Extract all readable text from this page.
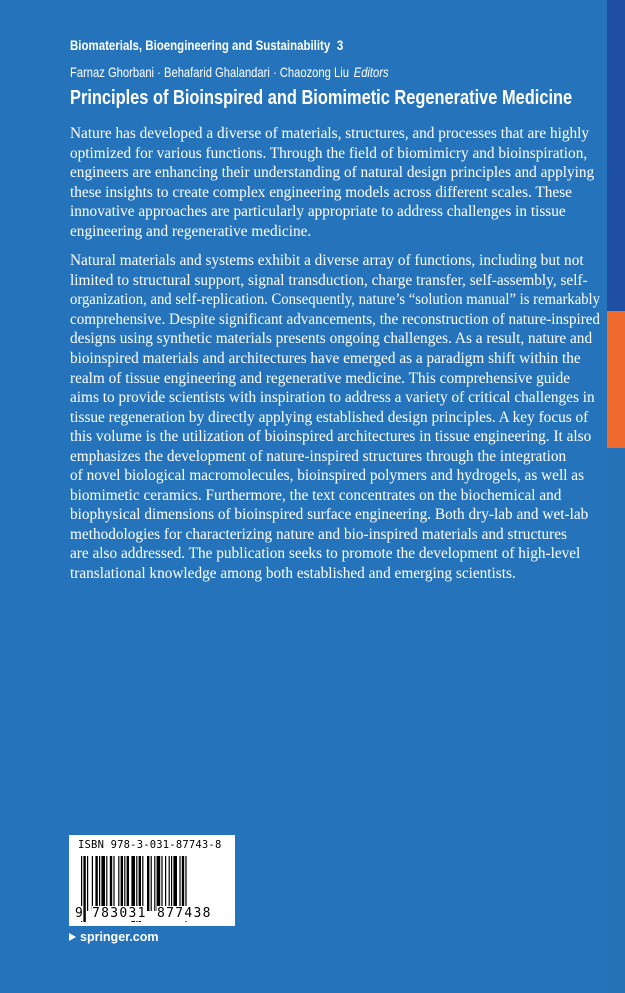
Biomaterials, Bioengineering and Sustainability 3
Farnaz Ghorbani · Behafarid Ghalandari · Chaozong Liu Editors
Principles of Bioinspired and Biomimetic Regenerative Medicine
Nature has developed a diverse of materials, structures, and processes that are highly
optimized for various functions. Through the field of biomimicry and bioinspiration,
engineers are enhancing their understanding of natural design principles and applying
these insights to create complex engineering models across different scales. These
innovative approaches are particularly appropriate to address challenges in tissue
engineering and regenerative medicine.
Natural materials and systems exhibit a diverse array of functions, including but not
limited to structural support, signal transduction, charge transfer, self-assembly, self-
organization, and self-replication. Consequently, nature’s “solution manual” is remarkably
comprehensive. Despite significant advancements, the reconstruction of nature-inspired
designs using synthetic materials presents ongoing challenges. As a result, nature and
bioinspired materials and architectures have emerged as a paradigm shift within the
realm of tissue engineering and regenerative medicine. This comprehensive guide
aims to provide scientists with inspiration to address a variety of critical challenges in
tissue regeneration by directly applying established design principles. A key focus of
this volume is the utilization of bioinspired architectures in tissue engineering. It also
emphasizes the development of nature-inspired structures through the integration
of novel biological macromolecules, bioinspired polymers and hydrogels, as well as
biomimetic ceramics. Furthermore, the text concentrates on the biochemical and
biophysical dimensions of bioinspired surface engineering. Both dry-lab and wet-lab
methodologies for characterizing nature and bio-inspired materials and structures
are also addressed. The publication seeks to promote the development of high-level
translational knowledge among both established and emerging scientists.
ISBN 978-3-031-87743-8
9 783031 877438
springer.com
